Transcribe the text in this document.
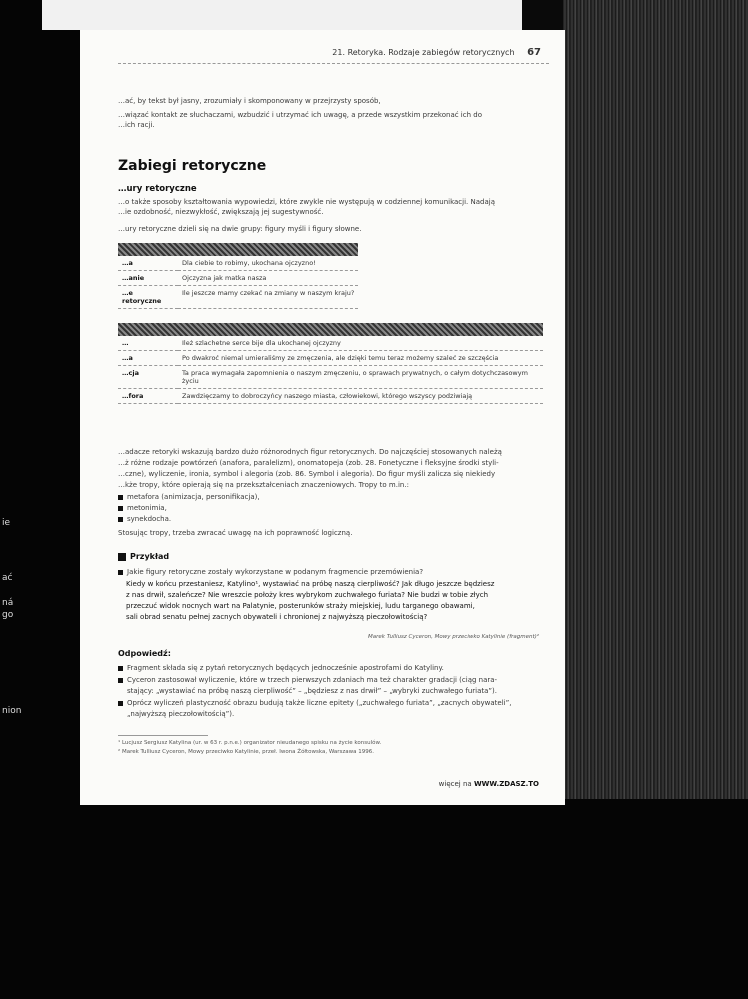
ie
ać
ná
go
nion
21. Retoryka. Rodzaje zabiegów retorycznych 67
…ać, by tekst był jasny, zrozumiały i skomponowany w przejrzysty sposób,
…wiązać kontakt ze słuchaczami, wzbudzić i utrzymać ich uwagę, a przede wszystkim przekonać ich do
…ich racji.
Zabiegi retoryczne
…ury retoryczne
…o także sposoby kształtowania wypowiedzi, które zwykle nie występują w codziennej komunikacji. Nadają
…ie ozdobność, niezwykłość, zwiększają jej sugestywność.
…ury retoryczne dzieli się na dwie grupy: figury myśli i figury słowne.

…a	Dla ciebie to robimy, ukochana ojczyzno!
…anie	Ojczyzna jak matka nasza
…e retoryczne	Ile jeszcze mamy czekać na zmiany w naszym kraju?

…	Ileż szlachetne serce bije dla ukochanej ojczyzny
…a	Po dwakroć niemal umieraliśmy ze zmęczenia, ale dzięki temu teraz możemy szaleć ze szczęścia
…cja	Ta praca wymagała zapomnienia o naszym zmęczeniu, o sprawach prywatnych, o całym dotychczasowym życiu
…fora	Zawdzięczamy to dobroczyńcy naszego miasta, człowiekowi, którego wszyscy podziwiają
…adacze retoryki wskazują bardzo dużo różnorodnych figur retorycznych. Do najczęściej stosowanych należą
…ż różne rodzaje powtórzeń (anafora, paralelizm), onomatopeja (zob. 28. Fonetyczne i fleksyjne środki styli-
…czne), wyliczenie, ironia, symbol i alegoria (zob. 86. Symbol i alegoria). Do figur myśli zalicza się niekiedy
…kże tropy, które opierają się na przekształceniach znaczeniowych. Tropy to m.in.:
metafora (animizacja, personifikacja),
metonimia,
synekdocha.
Stosując tropy, trzeba zwracać uwagę na ich poprawność logiczną.
Przykład
Jakie figury retoryczne zostały wykorzystane w podanym fragmencie przemówienia?
Kiedy w końcu przestaniesz, Katylino¹, wystawiać na próbę naszą cierpliwość? Jak długo jeszcze będziesz
z nas drwił, szaleńcze? Nie wreszcie położy kres wybrykom zuchwałego furiata? Nie budzi w tobie złych
przeczuć widok nocnych wart na Palatynie, posterunków straży miejskiej, ludu targanego obawami,
sali obrad senatu pełnej zacnych obywateli i chronionej z najwyższą pieczołowitością?
Marek Tulliusz Cyceron, Mowy przeciwko Katylinie (fragment)²
Odpowiedź:
Fragment składa się z pytań retorycznych będących jednocześnie apostrofami do Katyliny.
Cyceron zastosował wyliczenie, które w trzech pierwszych zdaniach ma też charakter gradacji (ciąg nara-
stający: „wystawiać na próbę naszą cierpliwość” – „będziesz z nas drwił” – „wybryki zuchwałego furiata”).
Oprócz wyliczeń plastyczność obrazu budują także liczne epitety („zuchwałego furiata”, „zacnych obywateli”,
„najwyższą pieczołowitością”).
¹ Lucjusz Sergiusz Katylina (ur. w 63 r. p.n.e.) organizator nieudanego spisku na życie konsulów.
² Marek Tulliusz Cyceron, Mowy przeciwko Katylinie, przeł. Iwona Żółtowska, Warszawa 1996.
więcej na WWW.ZDASZ.TO
